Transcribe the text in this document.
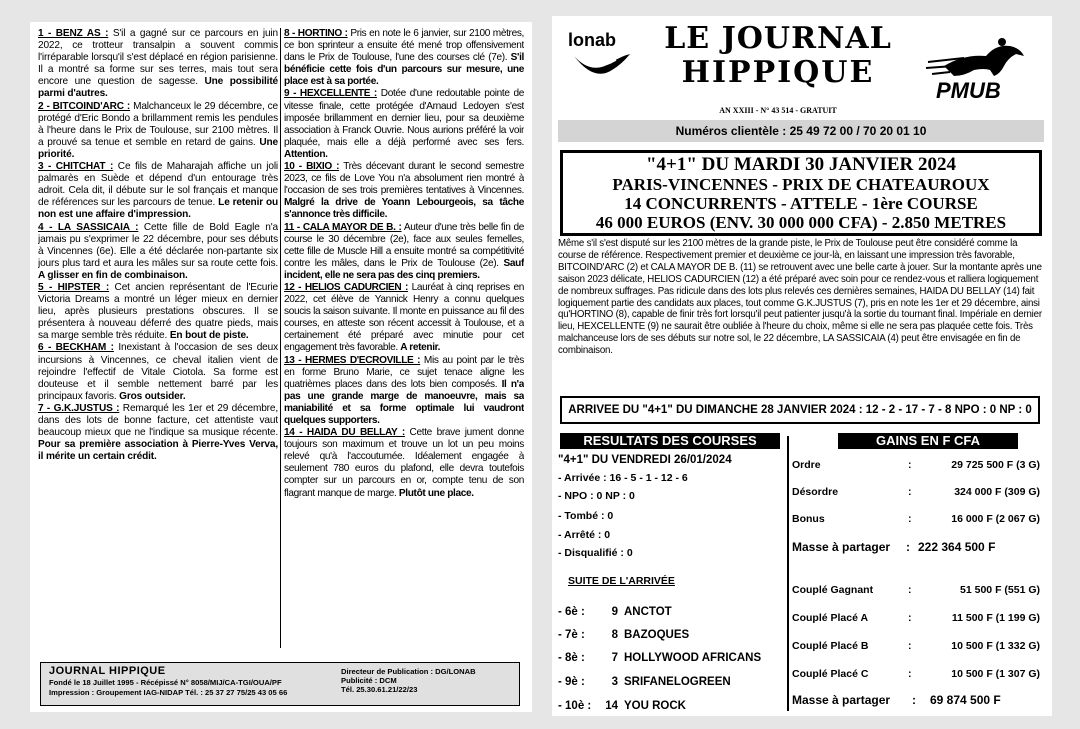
1 - BENZ AS : S'il a gagné sur ce parcours en juin 2022, ce trotteur transalpin a souvent commis l'irréparable lorsqu'il s'est déplacé en région parisienne. Il a montré sa forme sur ses terres, mais tout sera encore une question de sagesse. Une possibilité parmi d'autres.
2 - BITCOIND'ARC : Malchanceux le 29 décembre, ce protégé d'Eric Bondo a brillamment remis les pendules à l'heure dans le Prix de Toulouse, sur 2100 mètres. Il a prouvé sa tenue et semble en retard de gains. Une priorité.
3 - CHITCHAT : Ce fils de Maharajah affiche un joli palmarès en Suède et dépend d'un entourage très adroit. Cela dit, il débute sur le sol français et manque de références sur les parcours de tenue. Le retenir ou non est une affaire d'impression.
4 - LA SASSICAIA : Cette fille de Bold Eagle n'a jamais pu s'exprimer le 22 décembre, pour ses débuts à Vincennes (6e). Elle a été déclarée non-partante six jours plus tard et aura les mâles sur sa route cette fois. A glisser en fin de combinaison.
5 - HIPSTER : Cet ancien représentant de l'Ecurie Victoria Dreams a montré un léger mieux en dernier lieu, après plusieurs prestations obscures. Il se présentera à nouveau déferré des quatre pieds, mais sa marge semble très réduite. En bout de piste.
6 - BECKHAM : Inexistant à l'occasion de ses deux incursions à Vincennes, ce cheval italien vient de rejoindre l'effectif de Vitale Ciotola. Sa forme est douteuse et il semble nettement barré par les principaux favoris. Gros outsider.
7 - G.K.JUSTUS : Remarqué les 1er et 29 décembre, dans des lots de bonne facture, cet attentiste vaut beaucoup mieux que ne l'indique sa musique récente. Pour sa première association à Pierre-Yves Verva, il mérite un certain crédit.
8 - HORTINO : Pris en note le 6 janvier, sur 2100 mètres, ce bon sprinteur a ensuite été mené trop offensivement dans le Prix de Toulouse, l'une des courses clé (7e). S'il bénéficie cette fois d'un parcours sur mesure, une place est à sa portée.
9 - HEXCELLENTE : Dotée d'une redoutable pointe de vitesse finale, cette protégée d'Arnaud Ledoyen s'est imposée brillamment en dernier lieu, pour sa deuxième association à Franck Ouvrie. Nous aurions préféré la voir plaquée, mais elle a déjà performé avec ses fers. Attention.
10 - BIXIO : Très décevant durant le second semestre 2023, ce fils de Love You n'a absolument rien montré à l'occasion de ses trois premières tentatives à Vincennes. Malgré la drive de Yoann Lebourgeois, sa tâche s'annonce très difficile.
11 - CALA MAYOR DE B. : Auteur d'une très belle fin de course le 30 décembre (2e), face aux seules femelles, cette fille de Muscle Hill a ensuite montré sa compétitivité contre les mâles, dans le Prix de Toulouse (2e). Sauf incident, elle ne sera pas des cinq premiers.
12 - HELIOS CADURCIEN : Lauréat à cinq reprises en 2022, cet élève de Yannick Henry a connu quelques soucis la saison suivante. Il monte en puissance au fil des courses, en atteste son récent accessit à Toulouse, et a certainement été préparé avec minutie pour cet engagement très favorable. A retenir.
13 - HERMES D'ECROVILLE : Mis au point par le très en forme Bruno Marie, ce sujet tenace aligne les quatrièmes places dans des lots bien composés. Il n'a pas une grande marge de manoeuvre, mais sa maniabilité et sa forme optimale lui vaudront quelques supporters.
14 - HAIDA DU BELLAY : Cette brave jument donne toujours son maximum et trouve un lot un peu moins relevé qu'à l'accoutumée. Idéalement engagée à seulement 780 euros du plafond, elle devra toutefois compter sur un parcours en or, compte tenu de son flagrant manque de marge. Plutôt une place.
JOURNAL HIPPIQUE
Fondé le 18 Juillet 1995 - Récépissé N° 8058/MIJ/CA-TGI/OUA/PF
Impression : Groupement IAG-NIDAP Tél. : 25 37 27 75/25 43 05 66
Directeur de Publication : DG/LONAB
Publicité : DCM
Tél. 25.30.61.21/22/23
lonab	LE JOURNAL
HIPPIQUE
AN XXIII - N° 43 514 - GRATUIT
PMUB
Numéros clientèle : 25 49 72 00 / 70 20 01 10
"4+1" DU MARDI 30 JANVIER 2024
PARIS-VINCENNES - PRIX DE CHATEAUROUX
14 CONCURRENTS - ATTELE - 1ère COURSE
46 000 EUROS (ENV. 30 000 000 CFA) - 2.850 METRES
Même s'il s'est disputé sur les 2100 mètres de la grande piste, le Prix de Toulouse peut être considéré comme la course de référence. Respectivement premier et deuxième ce jour-là, en laissant une impression très favorable, BITCOIND'ARC (2) et CALA MAYOR DE B. (11) se retrouvent avec une belle carte à jouer. Sur la montante après une saison 2023 délicate, HELIOS CADURCIEN (12) a été préparé avec soin pour ce rendez-vous et ralliera logiquement de nombreux suffrages. Pas ridicule dans des lots plus relevés ces dernières semaines, HAIDA DU BELLAY (14) fait logiquement partie des candidats aux places, tout comme G.K.JUSTUS (7), pris en note les 1er et 29 décembre, ainsi qu'HORTINO (8), capable de finir très fort lorsqu'il peut patienter jusqu'à la sortie du tournant final. Impériale en dernier lieu, HEXCELLENTE (9) ne saurait être oubliée à l'heure du choix, même si elle ne sera pas plaquée cette fois. Très malchanceuse lors de ses débuts sur notre sol, le 22 décembre, LA SASSICAIA (4) peut être envisagée en fin de combinaison.
ARRIVEE DU "4+1" DU DIMANCHE 28 JANVIER 2024 : 12 - 2 - 17 - 7 - 8 NPO : 0 NP : 0
RESULTATS DES COURSES	GAINS EN F CFA
"4+1" DU VENDREDI 26/01/2024
- Arrivée : 16 - 5 - 1 - 12 - 6
- NPO : 0 NP : 0
- Tombé : 0
- Arrêté : 0
- Disqualifié : 0
SUITE DE L'ARRIVÉE
- 6è :	9 ANCTOT
- 7è :	8 BAZOQUES
- 8è :	7 HOLLYWOOD AFRICANS
- 9è :	3 SRIFANELOGREEN
- 10è : 14 YOU ROCK
Ordre	:	29 725 500 F (3 G)
Désordre	:	324 000 F (309 G)
Bonus	:	16 000 F (2 067 G)
Masse à partager : 222 364 500 F
Couplé Gagnant	:	51 500 F (551 G)
Couplé Placé A	:	11 500 F (1 199 G)
Couplé Placé B	:	10 500 F (1 332 G)
Couplé Placé C	:	10 500 F (1 307 G)
Masse à partager : 69 874 500 F
